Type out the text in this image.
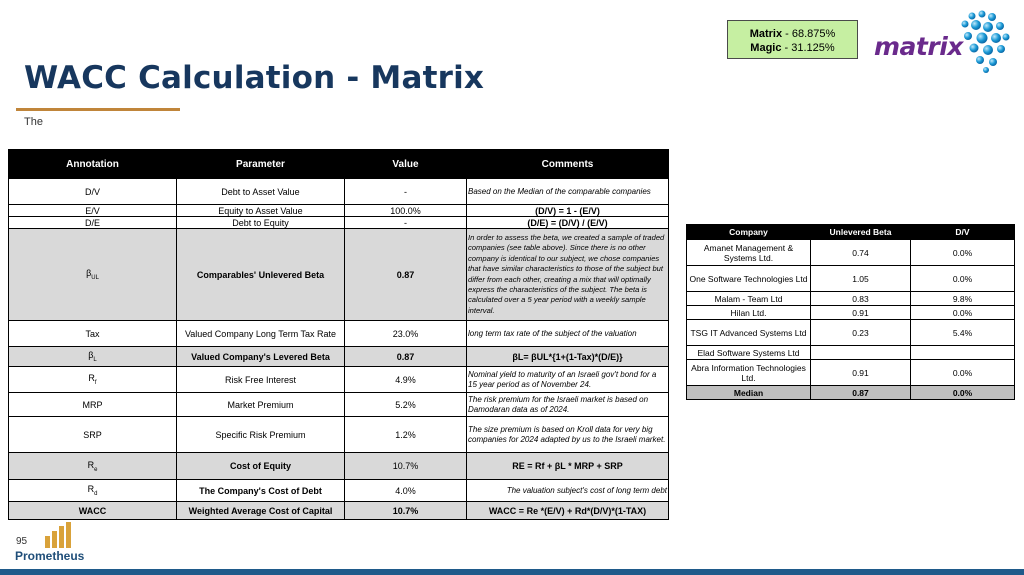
WACC Calculation - Matrix
The
Matrix - 68.875%
Magic - 31.125%	matrix
Annotation	Parameter	Value	Comments
D/V	Debt to Asset Value	-	Based on the Median of the comparable companies
E/V	Equity to Asset Value	100.0%	(D/V) = 1 - (E/V)
D/E	Debt to Equity	-	(D/E) = (D/V) / (E/V)
$\beta_{UL}$	Comparables' Unlevered Beta	0.87	In order to assess the beta, we created a sample of traded companies (see table above). Since there is no other company is identical to our subject, we chose companies that have similar characteristics to those of the subject but differ from each other, creating a mix that will optimally express the characteristics of the subject. The beta is calculated over a 5 year period with a weekly sample interval.
Tax	Valued Company Long Term Tax Rate	23.0%	long term tax rate of the subject of the valuation
$\beta_L$	Valued Company's Levered Beta	0.87	βL= βUL*{1+(1-Tax)*(D/E)}
$R_f$	Risk Free Interest	4.9%	Nominal yield to maturity of an Israeli gov't bond for a 15 year period as of November 24.
MRP	Market Premium	5.2%	The risk premium for the Israeli market is based on Damodaran data as of 2024.
SRP	Specific Risk Premium	1.2%	The size premium is based on Kroll data for very big companies for 2024 adapted by us to the Israeli market.
$R_e$	Cost of Equity	10.7%	RE = Rf + βL * MRP + SRP
$R_d$	The Company's Cost of Debt	4.0%	The valuation subject's cost of long term debt
WACC	Weighted Average Cost of Capital	10.7%	WACC = Re *(E/V) + Rd*(D/V)*(1-TAX)
Company	Unlevered Beta	D/V
Amanet Management & Systems Ltd.	0.74	0.0%
One Software Technologies Ltd	1.05	0.0%
Malam - Team Ltd	0.83	9.8%
Hilan Ltd.	0.91	0.0%
TSG IT Advanced Systems Ltd	0.23	5.4%
Elad Software Systems Ltd		
Abra Information Technologies Ltd.	0.91	0.0%
Median	0.87	0.0%
Prometheus
95
